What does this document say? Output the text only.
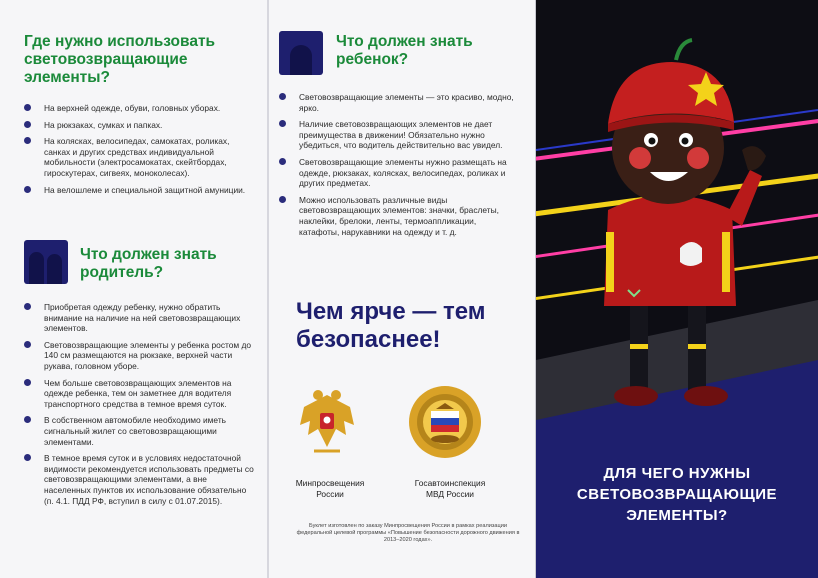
Где нужно использовать световозвращающие элементы?
На верхней одежде, обуви, головных уборах.
На рюкзаках, сумках и папках.
На колясках, велосипедах, самокатах, роликах, санках и других средствах индивидуальной мобильности (электросамокатах, скейтбордах, гироскутерах, сигвеях, моноколесах).
На велошлеме и специальной защитной амуниции.
Что должен знать родитель?
Приобретая одежду ребенку, нужно обратить внимание на наличие на ней световозвращающих элементов.
Световозвращающие элементы у ребенка ростом до 140 см размещаются на рюкзаке, верхней части рукава, головном уборе.
Чем больше световозвращающих элементов на одежде ребенка, тем он заметнее для водителя транспортного средства в темное время суток.
В собственном автомобиле необходимо иметь сигнальный жилет со световозвращающими элементами.
В темное время суток и в условиях недостаточной видимости рекомендуется использовать предметы со световозвращающими элементами, а вне населенных пунктов их использование обязательно (п. 4.1. ПДД РФ, вступил в силу с 01.07.2015).
Что должен знать ребенок?
Световозвращающие элементы — это красиво, модно, ярко.
Наличие световозвращающих элементов не дает преимущества в движении! Обязательно нужно убедиться, что водитель действительно вас увидел.
Световозвращающие элементы нужно размещать на одежде, рюкзаках, колясках, велосипедах, роликах и других предметах.
Можно использовать различные виды световозвращающих элементов: значки, браслеты, наклейки, брелоки, ленты, термоаппликации, катафоты, нарукавники на одежду и т. д.
Чем ярче — тем безопаснее!
Минпросвещения России
Госавтоинспекция МВД России
Буклет изготовлен по заказу Минпросвещения России в рамках реализации федеральной целевой программы «Повышение безопасности дорожного движения в 2013–2020 годах».
ДЛЯ ЧЕГО НУЖНЫ СВЕТОВОЗВРАЩАЮЩИЕ ЭЛЕМЕНТЫ?
